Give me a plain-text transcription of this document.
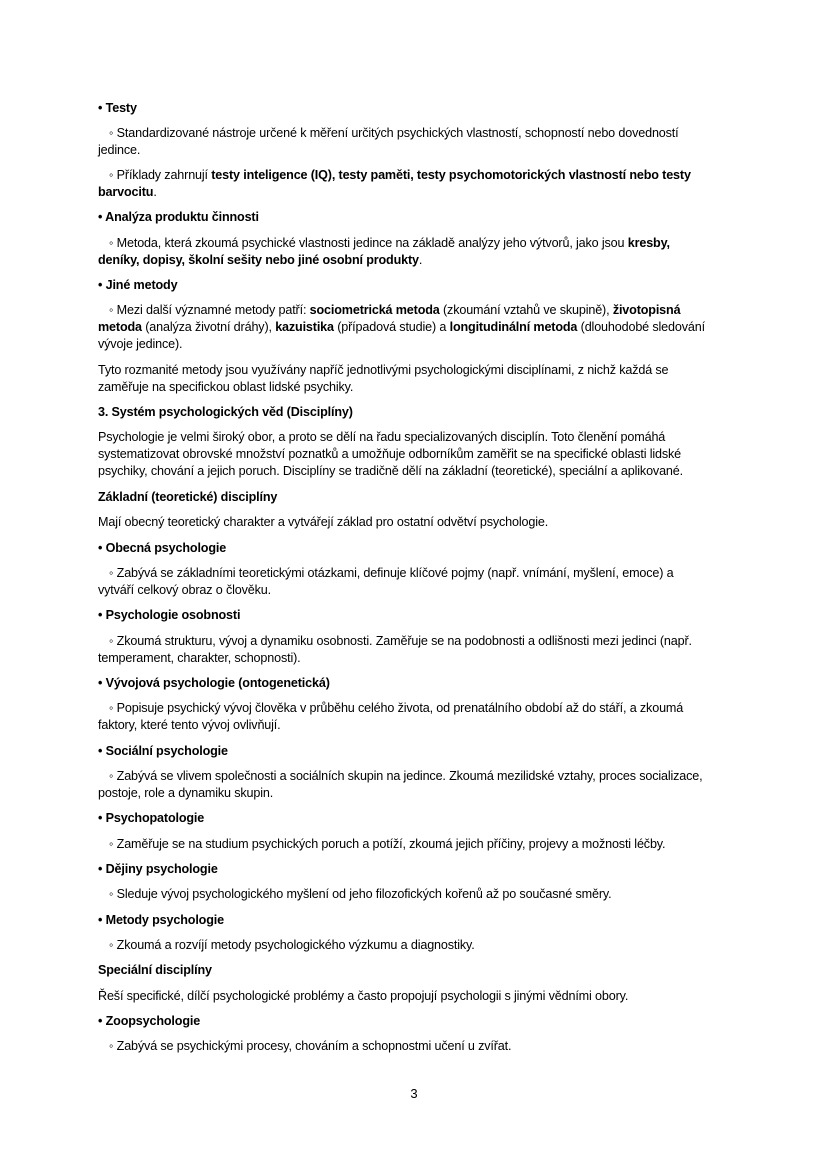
• Testy
◦ Standardizované nástroje určené k měření určitých psychických vlastností, schopností nebo dovedností
jedince.
◦ Příklady zahrnují testy inteligence (IQ), testy paměti, testy psychomotorických vlastností nebo testy
barvocitu.
• Analýza produktu činnosti
◦ Metoda, která zkoumá psychické vlastnosti jedince na základě analýzy jeho výtvorů, jako jsou kresby,
deníky, dopisy, školní sešity nebo jiné osobní produkty.
• Jiné metody
◦ Mezi další významné metody patří: sociometrická metoda (zkoumání vztahů ve skupině), životopisná
metoda (analýza životní dráhy), kazuistika (případová studie) a longitudinální metoda (dlouhodobé sledování
vývoje jedince).
Tyto rozmanité metody jsou využívány napříč jednotlivými psychologickými disciplínami, z nichž každá se
zaměřuje na specifickou oblast lidské psychiky.
3. Systém psychologických věd (Disciplíny)
Psychologie je velmi široký obor, a proto se dělí na řadu specializovaných disciplín. Toto členění pomáhá
systematizovat obrovské množství poznatků a umožňuje odborníkům zaměřit se na specifické oblasti lidské
psychiky, chování a jejich poruch. Disciplíny se tradičně dělí na základní (teoretické), speciální a aplikované.
Základní (teoretické) disciplíny
Mají obecný teoretický charakter a vytvářejí základ pro ostatní odvětví psychologie.
• Obecná psychologie
◦ Zabývá se základními teoretickými otázkami, definuje klíčové pojmy (např. vnímání, myšlení, emoce) a
vytváří celkový obraz o člověku.
• Psychologie osobnosti
◦ Zkoumá strukturu, vývoj a dynamiku osobnosti. Zaměřuje se na podobnosti a odlišnosti mezi jedinci (např.
temperament, charakter, schopnosti).
• Vývojová psychologie (ontogenetická)
◦ Popisuje psychický vývoj člověka v průběhu celého života, od prenatálního období až do stáří, a zkoumá
faktory, které tento vývoj ovlivňují.
• Sociální psychologie
◦ Zabývá se vlivem společnosti a sociálních skupin na jedince. Zkoumá mezilidské vztahy, proces socializace,
postoje, role a dynamiku skupin.
• Psychopatologie
◦ Zaměřuje se na studium psychických poruch a potíží, zkoumá jejich příčiny, projevy a možnosti léčby.
• Dějiny psychologie
◦ Sleduje vývoj psychologického myšlení od jeho filozofických kořenů až po současné směry.
• Metody psychologie
◦ Zkoumá a rozvíjí metody psychologického výzkumu a diagnostiky.
Speciální disciplíny
Řeší specifické, dílčí psychologické problémy a často propojují psychologii s jinými vědními obory.
• Zoopsychologie
◦ Zabývá se psychickými procesy, chováním a schopnostmi učení u zvířat.
3
